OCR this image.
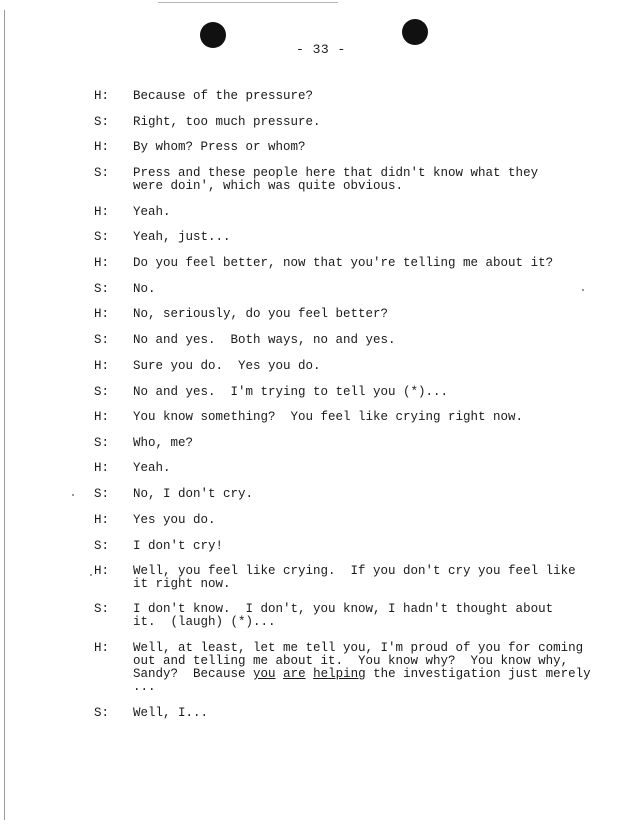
- 33 -
H:	Because of the pressure?
S:	Right, too much pressure.
H:	By whom? Press or whom?
S:	Press and these people here that didn't know what they
were doin', which was quite obvious.
H:	Yeah.
S:	Yeah, just...
H:	Do you feel better, now that you're telling me about it?
S:	No.
H:	No, seriously, do you feel better?
S:	No and yes.  Both ways, no and yes.
H:	Sure you do.  Yes you do.
S:	No and yes.  I'm trying to tell you (*)...
H:	You know something?  You feel like crying right now.
S:	Who, me?
H:	Yeah.
S:	No, I don't cry.
H:	Yes you do.
S:	I don't cry!
H:	Well, you feel like crying.  If you don't cry you feel like
it right now.
S:	I don't know.  I don't, you know, I hadn't thought about
it.  (laugh) (*)...
H:	Well, at least, let me tell you, I'm proud of you for coming
out and telling me about it.  You know why?  You know why,
Sandy?  Because you are helping the investigation just merely
...
S:	Well, I...
